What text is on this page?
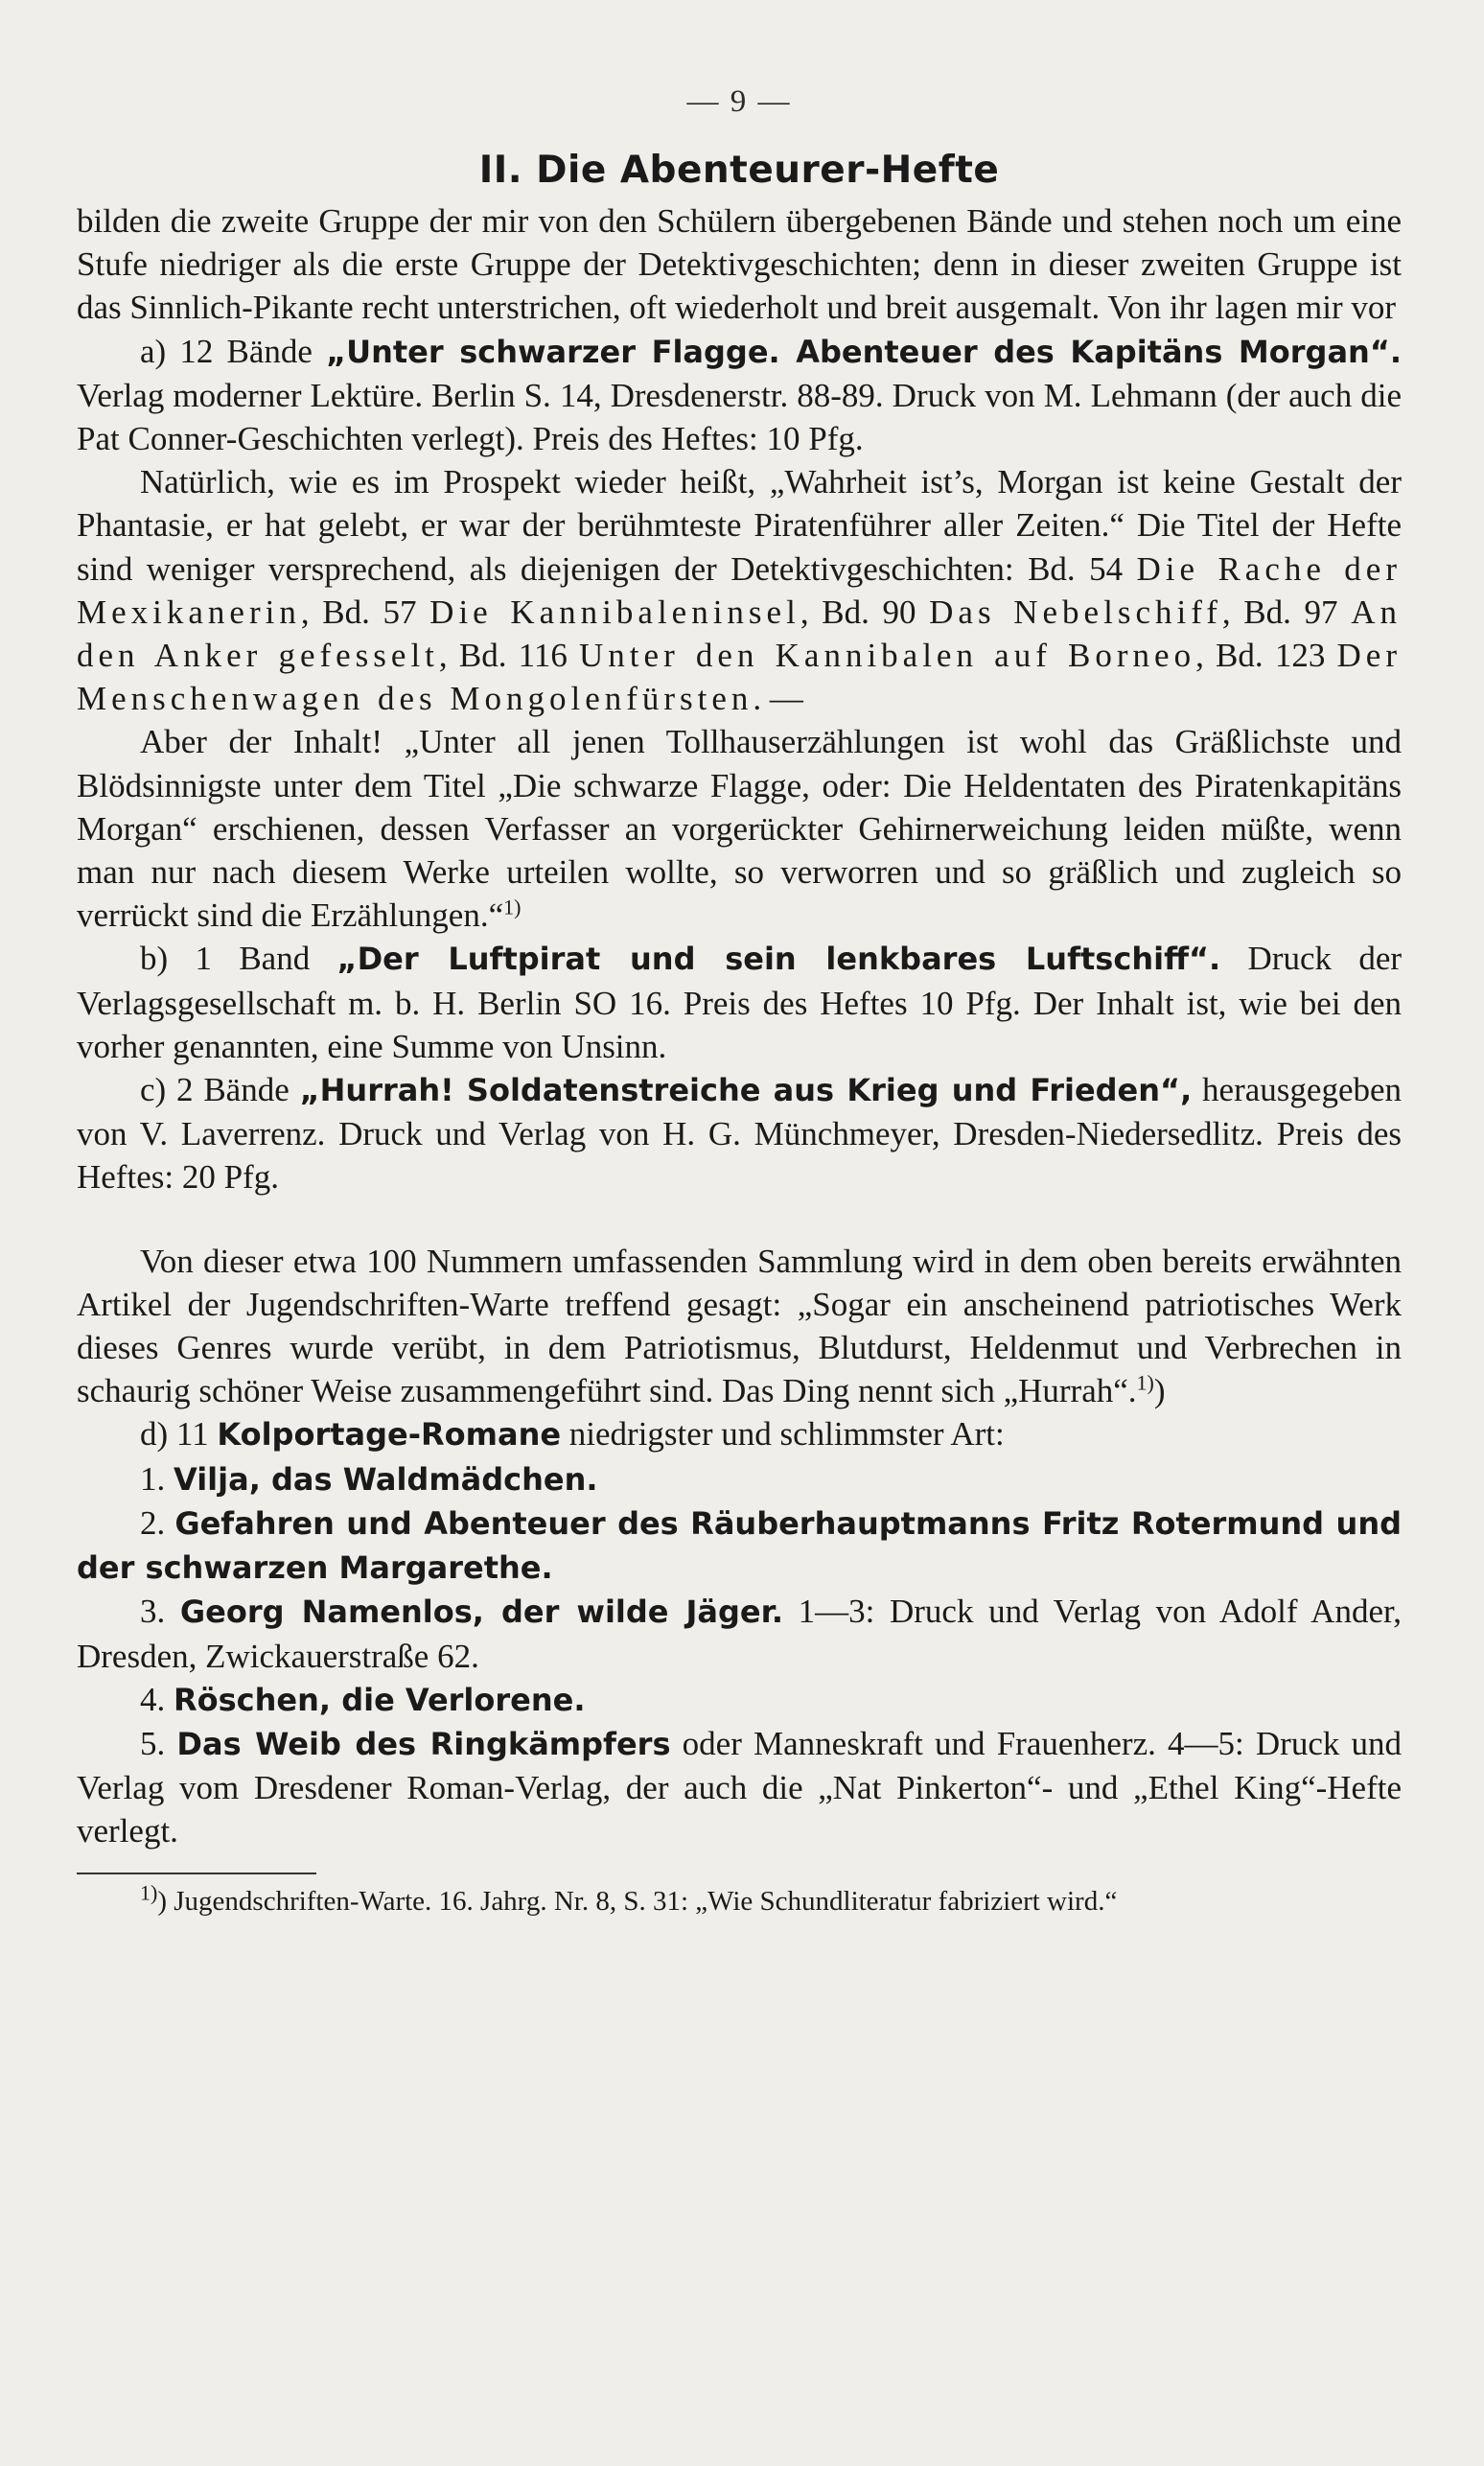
— 9 —
II. Die Abenteurer-Hefte

bilden die zweite Gruppe der mir von den Schülern übergebenen Bände und stehen noch um eine Stufe niedriger als die erste Gruppe der Detektivgeschichten; denn in dieser zweiten Gruppe ist das Sinnlich-Pikante recht unterstrichen, oft wiederholt und breit ausgemalt. Von ihr lagen mir vor

a) 12 Bände „Unter schwarzer Flagge. Abenteuer des Kapitäns Morgan“. Verlag moderner Lektüre. Berlin S. 14, Dresdenerstr. 88-89. Druck von M. Lehmann (der auch die Pat Conner-Geschichten verlegt). Preis des Heftes: 10 Pfg.

Natürlich, wie es im Prospekt wieder heißt, „Wahrheit ist’s, Morgan ist keine Gestalt der Phantasie, er hat gelebt, er war der berühmteste Piratenführer aller Zeiten.“ Die Titel der Hefte sind weniger versprechend, als diejenigen der Detektivgeschichten: Bd. 54 Die Rache der Mexikanerin, Bd. 57 Die Kannibaleninsel, Bd. 90 Das Nebelschiff, Bd. 97 An den Anker gefesselt, Bd. 116 Unter den Kannibalen auf Borneo, Bd. 123 Der Menschenwagen des Mongolenfürsten. —

Aber der Inhalt! „Unter all jenen Tollhauserzählungen ist wohl das Gräßlichste und Blödsinnigste unter dem Titel „Die schwarze Flagge, oder: Die Heldentaten des Piratenkapitäns Morgan“ erschienen, dessen Verfasser an vorgerückter Gehirnerweichung leiden müßte, wenn man nur nach diesem Werke urteilen wollte, so verworren und so gräßlich und zugleich so verrückt sind die Erzählungen.“$^{1)}$

b) 1 Band „Der Luftpirat und sein lenkbares Luftschiff“. Druck der Verlagsgesellschaft m. b. H. Berlin SO 16. Preis des Heftes 10 Pfg. Der Inhalt ist, wie bei den vorher genannten, eine Summe von Unsinn.

c) 2 Bände „Hurrah! Soldatenstreiche aus Krieg und Frieden“, herausgegeben von V. Laverrenz. Druck und Verlag von H. G. Münchmeyer, Dresden-Niedersedlitz. Preis des Heftes: 20 Pfg.

Von dieser etwa 100 Nummern umfassenden Sammlung wird in dem oben bereits erwähnten Artikel der Jugendschriften-Warte treffend gesagt: „Sogar ein anscheinend patriotisches Werk dieses Genres wurde verübt, in dem Patriotismus, Blutdurst, Heldenmut und Verbrechen in schaurig schöner Weise zusammengeführt sind. Das Ding nennt sich „Hurrah“.$^{1)}$)

d) 11 Kolportage-Romane niedrigster und schlimmster Art:

1. Vilja, das Waldmädchen.

2. Gefahren und Abenteuer des Räuberhauptmanns Fritz Rotermund und der schwarzen Margarethe.

3. Georg Namenlos, der wilde Jäger. 1—3: Druck und Verlag von Adolf Ander, Dresden, Zwickauerstraße 62.

4. Röschen, die Verlorene.

5. Das Weib des Ringkämpfers oder Manneskraft und Frauenherz. 4—5: Druck und Verlag vom Dresdener Roman-Verlag, der auch die „Nat Pinkerton“- und „Ethel King“-Hefte verlegt.

$^{1)}$) Jugendschriften-Warte. 16. Jahrg. Nr. 8, S. 31: „Wie Schundliteratur fabriziert wird.“
